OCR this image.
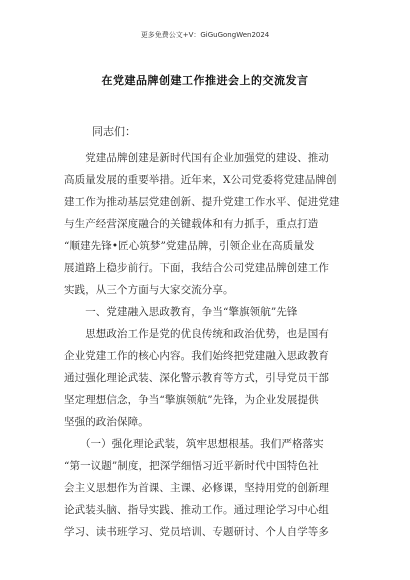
更多免费公文+V：GiGuGongWen2024
在党建品牌创建工作推进会上的交流发言
同志们：
　　党建品牌创建是新时代国有企业加强党的建设、推动
高质量发展的重要举措。近年来，X公司党委将党建品牌创
建工作为推动基层党建创新、提升党建工作水平、促进党建
与生产经营深度融合的关键载体和有力抓手，重点打造
“顺建先锋•匠心筑梦”党建品牌，引领企业在高质量发
展道路上稳步前行。下面，我结合公司党建品牌创建工作
实践，从三个方面与大家交流分享。
　　一、党建融入思政教育，争当“擎旗领航”先锋
　　思想政治工作是党的优良传统和政治优势，也是国有
企业党建工作的核心内容。我们始终把党建融入思政教育
通过强化理论武装、深化警示教育等方式，引导党员干部
坚定理想信念，争当“擎旗领航”先锋，为企业发展提供
坚强的政治保障。
　　（一）强化理论武装，筑牢思想根基。我们严格落实
“第一议题”制度，把深学细悟习近平新时代中国特色社
会主义思想作为首课、主课、必修课，坚持用党的创新理
论武装头脑、指导实践、推动工作。通过理论学习中心组
学习、读书班学习、党员培训、专题研讨、个人自学等多
